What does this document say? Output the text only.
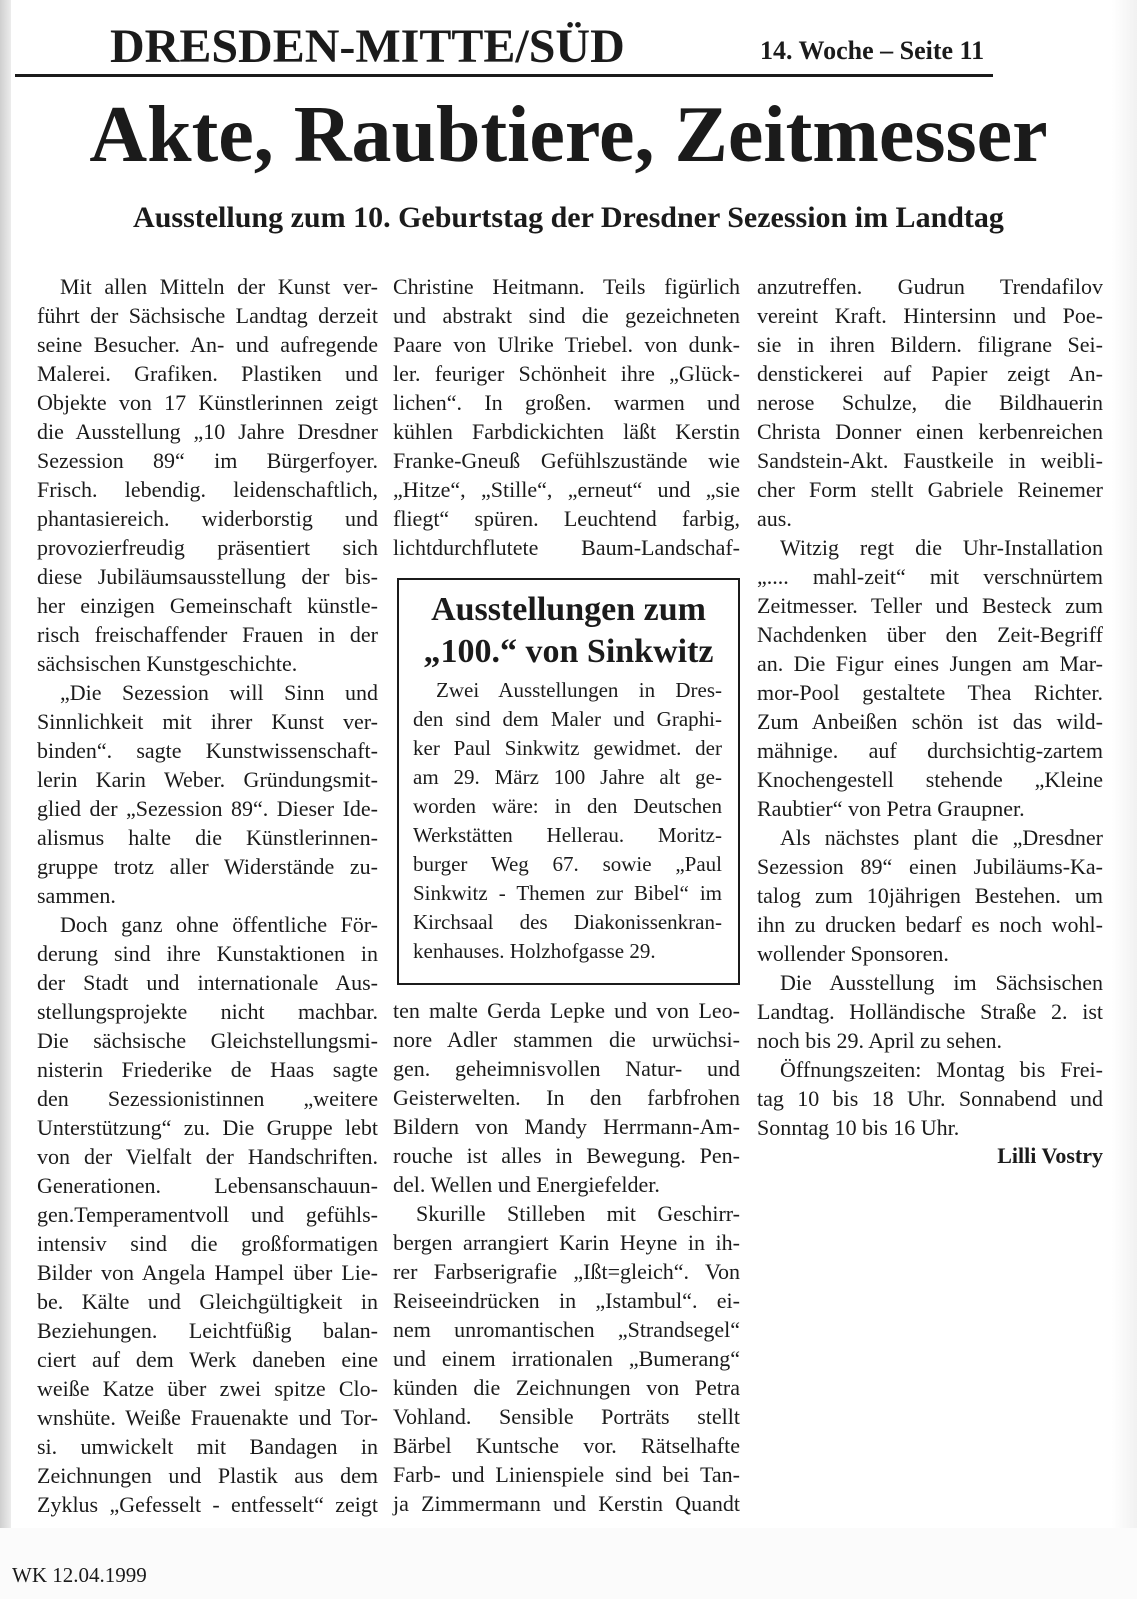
DRESDEN-MITTE/SÜD	14. Woche – Seite 11
Akte, Raubtiere, Zeitmesser
Ausstellung zum 10. Geburtstag der Dresdner Sezession im Landtag
Mit allen Mitteln der Kunst ver-
führt der Sächsische Landtag derzeit
seine Besucher. An- und aufregende
Malerei. Grafiken. Plastiken und
Objekte von 17 Künstlerinnen zeigt
die Ausstellung „10 Jahre Dresdner
Sezession 89“ im Bürgerfoyer.
Frisch. lebendig. leidenschaftlich,
phantasiereich. widerborstig und
provozierfreudig präsentiert sich
diese Jubiläumsausstellung der bis-
her einzigen Gemeinschaft künstle-
risch freischaffender Frauen in der
sächsischen Kunstgeschichte.
„Die Sezession will Sinn und
Sinnlichkeit mit ihrer Kunst ver-
binden“. sagte Kunstwissenschaft-
lerin Karin Weber. Gründungsmit-
glied der „Sezession 89“. Dieser Ide-
alismus halte die Künstlerinnen-
gruppe trotz aller Widerstände zu-
sammen.
Doch ganz ohne öffentliche För-
derung sind ihre Kunstaktionen in
der Stadt und internationale Aus-
stellungsprojekte nicht machbar.
Die sächsische Gleichstellungsmi-
nisterin Friederike de Haas sagte
den Sezessionistinnen „weitere
Unterstützung“ zu. Die Gruppe lebt
von der Vielfalt der Handschriften.
Generationen. Lebensanschauun-
gen.Temperamentvoll und gefühls-
intensiv sind die großformatigen
Bilder von Angela Hampel über Lie-
be. Kälte und Gleichgültigkeit in
Beziehungen. Leichtfüßig balan-
ciert auf dem Werk daneben eine
weiße Katze über zwei spitze Clo-
wnshüte. Weiße Frauenakte und Tor-
si. umwickelt mit Bandagen in
Zeichnungen und Plastik aus dem
Zyklus „Gefesselt - entfesselt“ zeigt
Christine Heitmann. Teils figürlich
und abstrakt sind die gezeichneten
Paare von Ulrike Triebel. von dunk-
ler. feuriger Schönheit ihre „Glück-
lichen“. In großen. warmen und
kühlen Farbdickichten läßt Kerstin
Franke-Gneuß Gefühlszustände wie
„Hitze“, „Stille“, „erneut“ und „sie
fliegt“ spüren. Leuchtend farbig,
lichtdurchflutete Baum-Landschaf-
ten malte Gerda Lepke und von Leo-
nore Adler stammen die urwüchsi-
gen. geheimnisvollen Natur- und
Geisterwelten. In den farbfrohen
Bildern von Mandy Herrmann-Am-
rouche ist alles in Bewegung. Pen-
del. Wellen und Energiefelder.
Skurille Stilleben mit Geschirr-
bergen arrangiert Karin Heyne in ih-
rer Farbserigrafie „Ißt=gleich“. Von
Reiseeindrücken in „Istambul“. ei-
nem unromantischen „Strandsegel“
und einem irrationalen „Bumerang“
künden die Zeichnungen von Petra
Vohland. Sensible Porträts stellt
Bärbel Kuntsche vor. Rätselhafte
Farb- und Linienspiele sind bei Tan-
ja Zimmermann und Kerstin Quandt
anzutreffen. Gudrun Trendafilov
vereint Kraft. Hintersinn und Poe-
sie in ihren Bildern. filigrane Sei-
denstickerei auf Papier zeigt An-
nerose Schulze, die Bildhauerin
Christa Donner einen kerbenreichen
Sandstein-Akt. Faustkeile in weibli-
cher Form stellt Gabriele Reinemer
aus.
Witzig regt die Uhr-Installation
„.... mahl-zeit“ mit verschnürtem
Zeitmesser. Teller und Besteck zum
Nachdenken über den Zeit-Begriff
an. Die Figur eines Jungen am Mar-
mor-Pool gestaltete Thea Richter.
Zum Anbeißen schön ist das wild-
mähnige. auf durchsichtig-zartem
Knochengestell stehende „Kleine
Raubtier“ von Petra Graupner.
Als nächstes plant die „Dresdner
Sezession 89“ einen Jubiläums-Ka-
talog zum 10jährigen Bestehen. um
ihn zu drucken bedarf es noch wohl-
wollender Sponsoren.
Die Ausstellung im Sächsischen
Landtag. Holländische Straße 2. ist
noch bis 29. April zu sehen.
Öffnungszeiten: Montag bis Frei-
tag 10 bis 18 Uhr. Sonnabend und
Sonntag 10 bis 16 Uhr.
Ausstellungen zum
„100.“ von Sinkwitz
Zwei Ausstellungen in Dres-
den sind dem Maler und Graphi-
ker Paul Sinkwitz gewidmet. der
am 29. März 100 Jahre alt ge-
worden wäre: in den Deutschen
Werkstätten Hellerau. Moritz-
burger Weg 67. sowie „Paul
Sinkwitz - Themen zur Bibel“ im
Kirchsaal des Diakonissenkran-
kenhauses. Holzhofgasse 29.
Lilli Vostry
WK 12.04.1999
